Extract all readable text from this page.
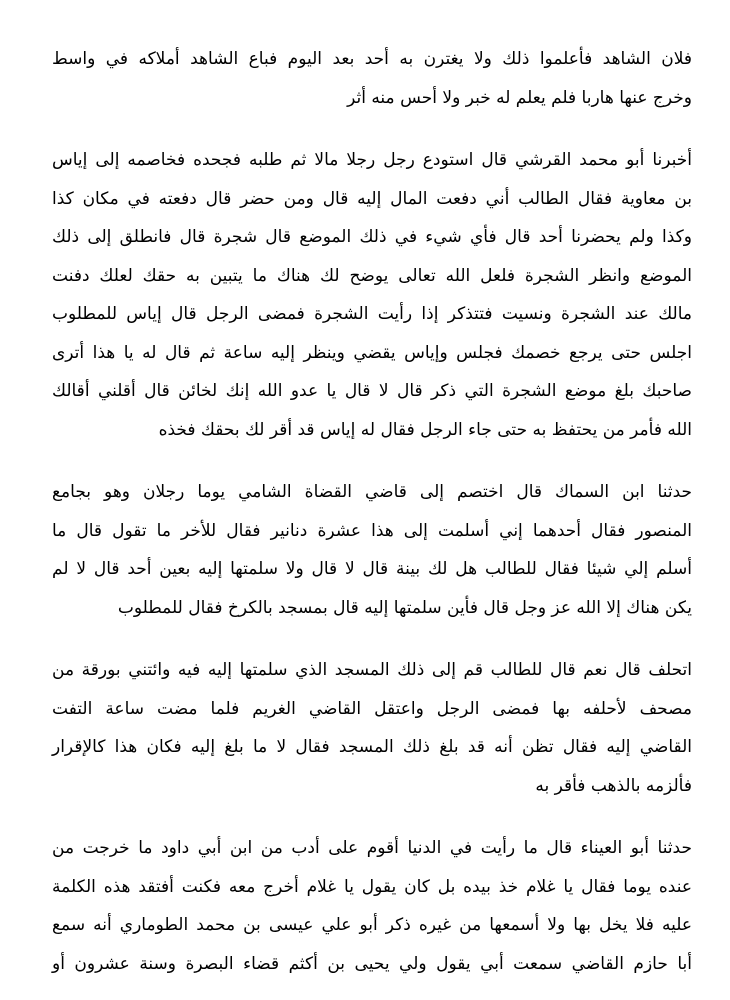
فلان الشاهد فأعلموا ذلك ولا يغترن به أحد بعد اليوم فباع الشاهد أملاكه في واسط
وخرج عنها هاربا فلم يعلم له خبر ولا أحس منه أثر
أخبرنا أبو محمد القرشي قال استودع رجل رجلا مالا ثم طلبه فجحده فخاصمه إلى إياس
بن معاوية فقال الطالب أني دفعت المال إليه قال ومن حضر قال دفعته في مكان كذا
وكذا ولم يحضرنا أحد قال فأي شيء في ذلك الموضع قال شجرة قال فانطلق إلى ذلك
الموضع وانظر الشجرة فلعل الله تعالى يوضح لك هناك ما يتبين به حقك لعلك دفنت
مالك عند الشجرة ونسيت فتتذكر إذا رأيت الشجرة فمضى الرجل قال إياس للمطلوب
اجلس حتى يرجع خصمك فجلس وإياس يقضي وينظر إليه ساعة ثم قال له يا هذا أترى
صاحبك بلغ موضع الشجرة التي ذكر قال لا قال يا عدو الله إنك لخائن قال أقلني أقالك
الله فأمر من يحتفظ به حتى جاء الرجل فقال له إياس قد أقر لك بحقك فخذه
حدثنا ابن السماك قال اختصم إلى قاضي القضاة الشامي يوما رجلان وهو بجامع
المنصور فقال أحدهما إني أسلمت إلى هذا عشرة دنانير فقال للأخر ما تقول قال ما
أسلم إلي شيئا فقال للطالب هل لك بينة قال لا قال ولا سلمتها إليه بعين أحد قال لا لم
يكن هناك إلا الله عز وجل قال فأين سلمتها إليه قال بمسجد بالكرخ فقال للمطلوب
اتحلف قال نعم قال للطالب قم إلى ذلك المسجد الذي سلمتها إليه فيه وائتني بورقة من
مصحف لأحلفه بها فمضى الرجل واعتقل القاضي الغريم فلما مضت ساعة التفت
القاضي إليه فقال تظن أنه قد بلغ ذلك المسجد فقال لا ما بلغ إليه فكان هذا كالإقرار
فألزمه بالذهب فأقر به
حدثنا أبو العيناء قال ما رأيت في الدنيا أقوم على أدب من ابن أبي داود ما خرجت من
عنده يوما فقال يا غلام خذ بيده بل كان يقول يا غلام أخرج معه فكنت أفتقد هذه الكلمة
عليه فلا يخل بها ولا أسمعها من غيره ذكر أبو علي عيسى بن محمد الطوماري أنه سمع
أبا حازم القاضي سمعت أبي يقول ولي يحيى بن أكثم قضاء البصرة وسنة عشرون أو
